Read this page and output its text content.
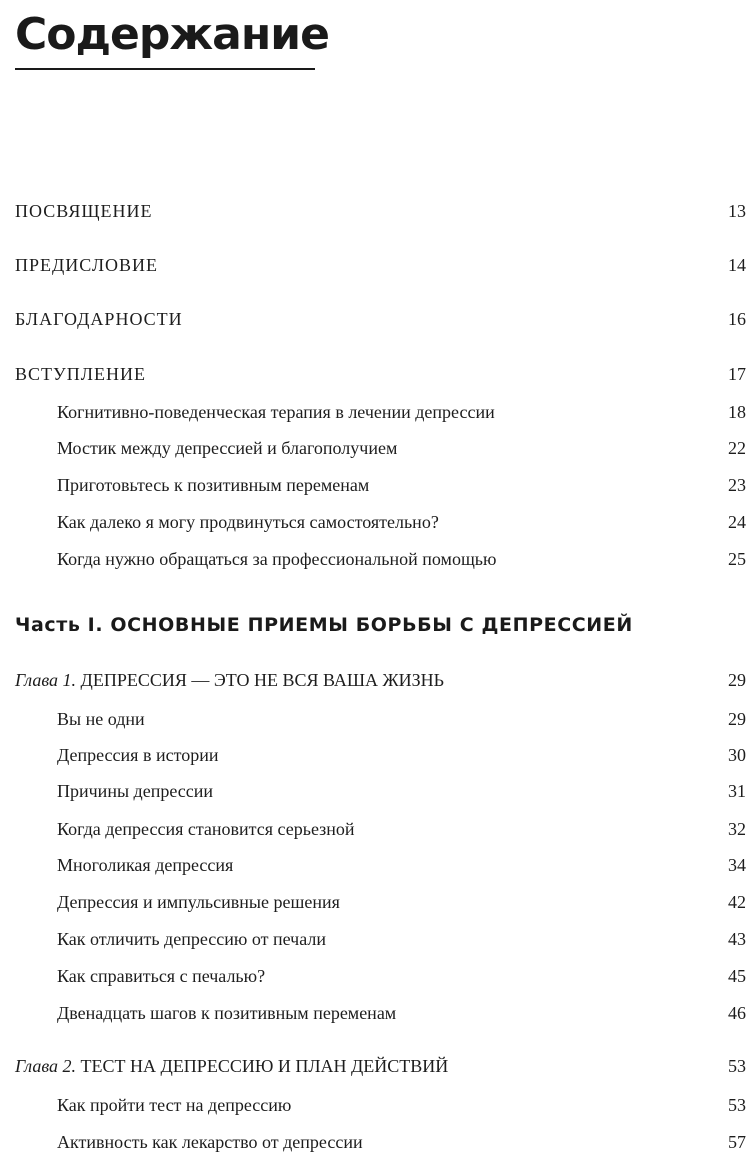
Содержание
ПОСВЯЩЕНИЕ	13
ПРЕДИСЛОВИЕ	14
БЛАГОДАРНОСТИ	16
ВСТУПЛЕНИЕ	17
Когнитивно-поведенческая терапия в лечении депрессии	18
Мостик между депрессией и благополучием	22
Приготовьтесь к позитивным переменам	23
Как далеко я могу продвинуться самостоятельно?	24
Когда нужно обращаться за профессиональной помощью	25
Часть I. ОСНОВНЫЕ ПРИЕМЫ БОРЬБЫ С ДЕПРЕССИЕЙ
Глава 1. ДЕПРЕССИЯ — ЭТО НЕ ВСЯ ВАША ЖИЗНЬ	29
Вы не одни	29
Депрессия в истории	30
Причины депрессии	31
Когда депрессия становится серьезной	32
Многоликая депрессия	34
Депрессия и импульсивные решения	42
Как отличить депрессию от печали	43
Как справиться с печалью?	45
Двенадцать шагов к позитивным переменам	46
Глава 2. ТЕСТ НА ДЕПРЕССИЮ И ПЛАН ДЕЙСТВИЙ	53
Как пройти тест на депрессию	53
Активность как лекарство от депрессии	57
